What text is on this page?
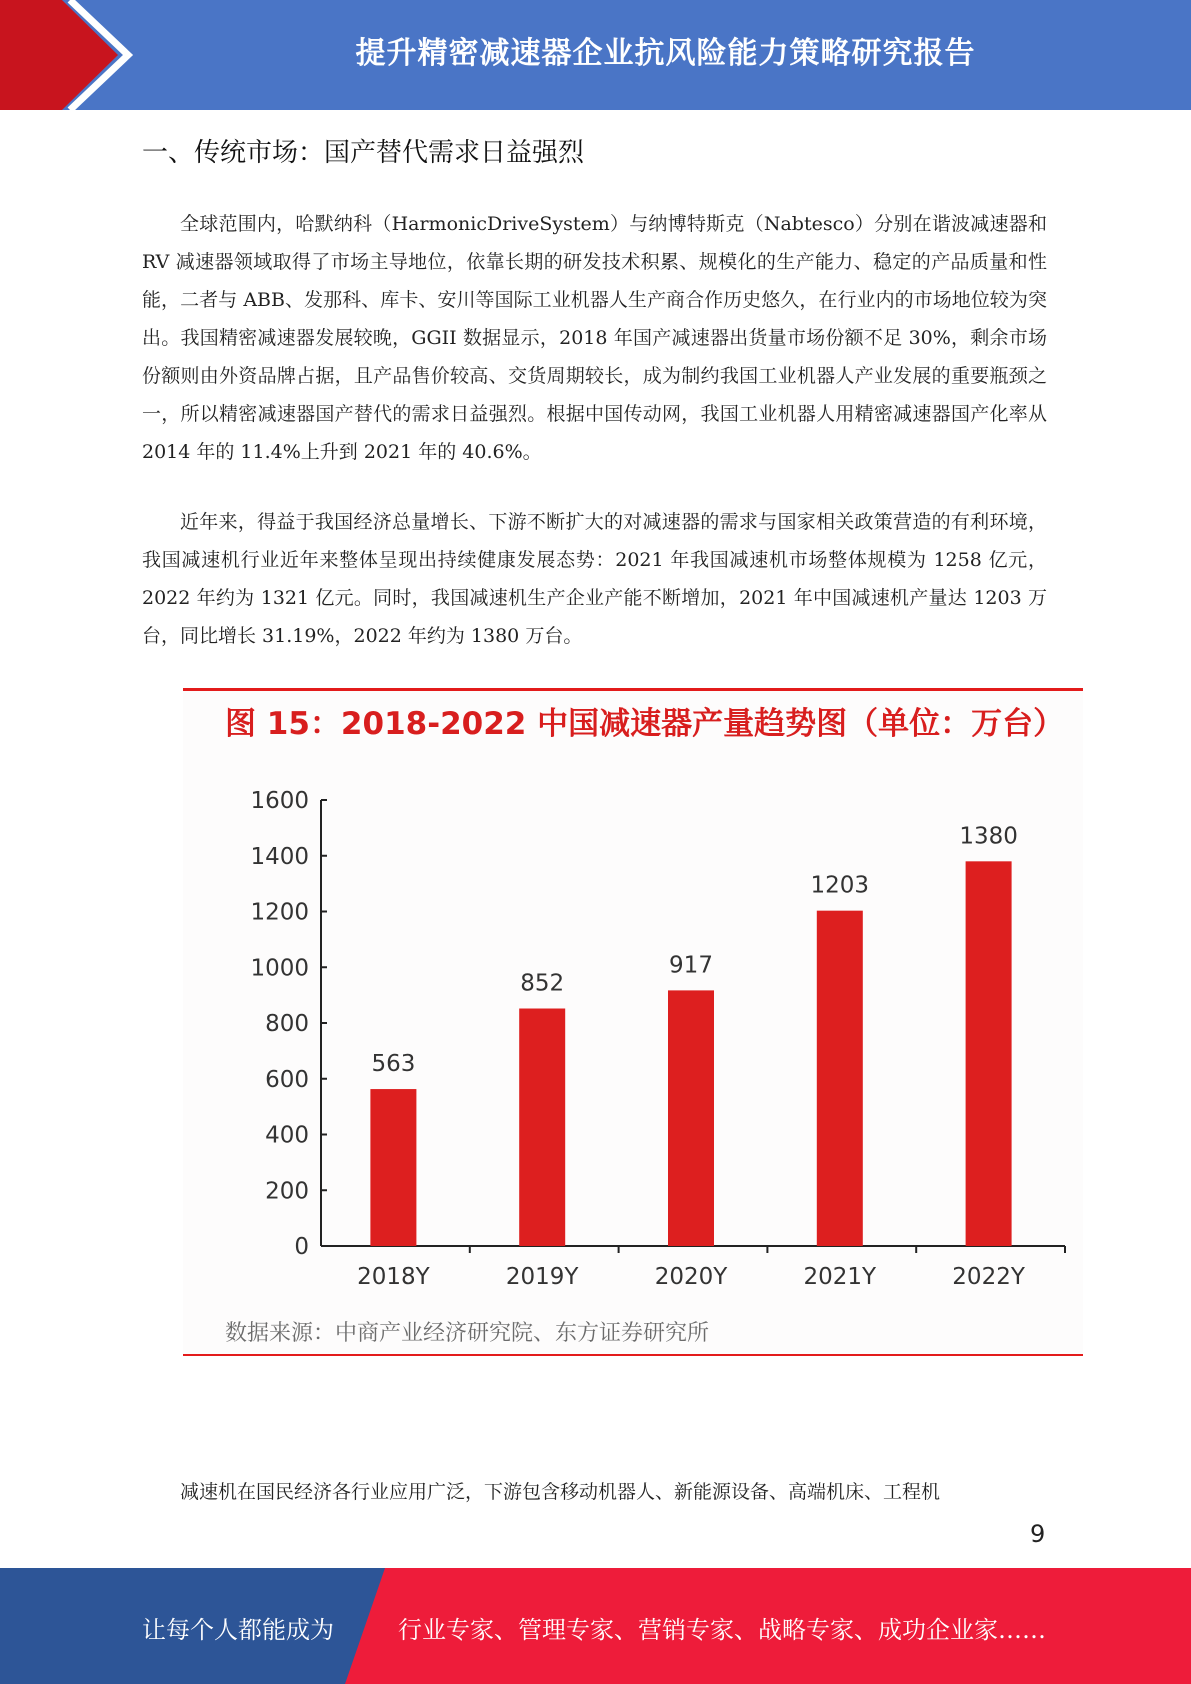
提升精密减速器企业抗风险能力策略研究报告
一、传统市场：国产替代需求日益强烈

全球范围内，哈默纳科（HarmonicDriveSystem）与纳博特斯克（Nabtesco）分别在谐波减速器和 RV 减速器领域取得了市场主导地位，依靠长期的研发技术积累、规模化的生产能力、稳定的产品质量和性能，二者与 ABB、发那科、库卡、安川等国际工业机器人生产商合作历史悠久，在行业内的市场地位较为突出。我国精密减速器发展较晚，GGII 数据显示，2018 年国产减速器出货量市场份额不足 30%，剩余市场份额则由外资品牌占据，且产品售价较高、交货周期较长，成为制约我国工业机器人产业发展的重要瓶颈之一，所以精密减速器国产替代的需求日益强烈。根据中国传动网，我国工业机器人用精密减速器国产化率从 2014 年的 11.4%上升到 2021 年的 40.6%。

近年来，得益于我国经济总量增长、下游不断扩大的对减速器的需求与国家相关政策营造的有利环境，我国减速机行业近年来整体呈现出持续健康发展态势：2021 年我国减速机市场整体规模为 1258 亿元，2022 年约为 1321 亿元。同时，我国减速机生产企业产能不断增加，2021 年中国减速机产量达 1203 万台，同比增长 31.19%，2022 年约为 1380 万台。

图 15：2018-2022 中国减速器产量趋势图（单位：万台）
0
200
400
600
800
1000
1200
1400
1600
563
2018Y
852
2019Y
917
2020Y
1203
2021Y
1380
2022Y
数据来源：中商产业经济研究院、东方证券研究所

减速机在国民经济各行业应用广泛，下游包含移动机器人、新能源设备、高端机床、工程机

9
让每个人都能成为	行业专家、管理专家、营销专家、战略专家、成功企业家……
